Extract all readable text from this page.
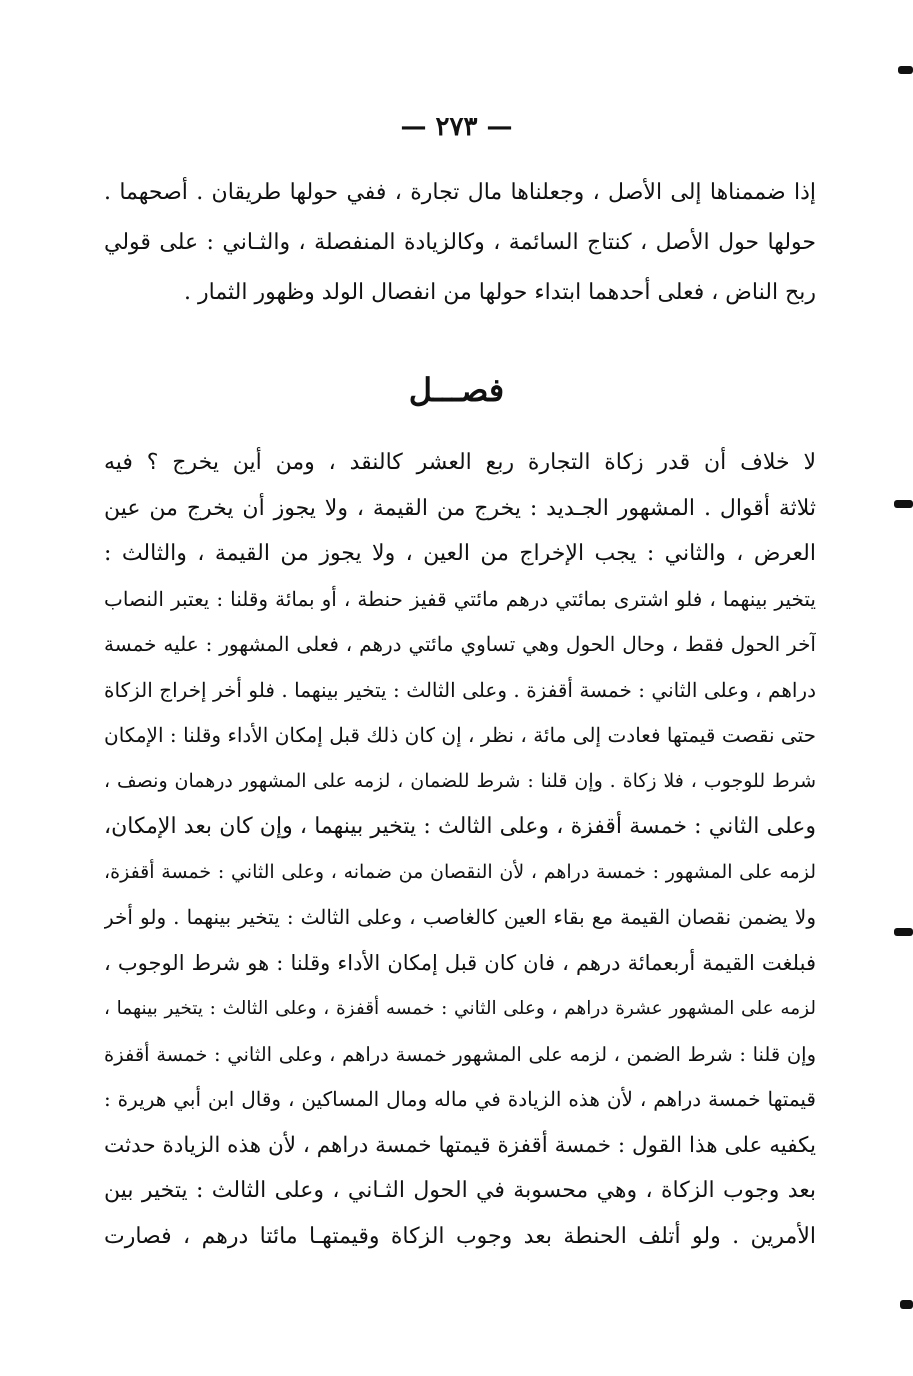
— ٢٧٣ —
إذا ضممناها إلى الأصل ، وجعلناها مال تجارة ، ففي حولها طريقان . أصحهما .
حولها حول الأصل ، كنتاج السائمة ، وكالزيادة المنفصلة ، والثـاني : على قولي
ربح الناض ، فعلى أحدهما ابتداء حولها من انفصال الولد وظهور الثمار .
فصـــل
لا خلاف أن قدر زكاة التجارة ربع العشر كالنقد ، ومن أين يخرج ؟ فيه
ثلاثة أقوال . المشهور الجـديد : يخرج من القيمة ، ولا يجوز أن يخرج من عين
العرض ، والثاني : يجب الإخراج من العين ، ولا يجوز من القيمة ، والثالث :
يتخير بينهما ، فلو اشترى بمائتي درهم مائتي قفيز حنطة ، أو بمائة وقلنا : يعتبر النصاب
آخر الحول فقط ، وحال الحول وهي تساوي مائتي درهم ، فعلى المشهور : عليه خمسة
دراهم ، وعلى الثاني : خمسة أقفزة . وعلى الثالث : يتخير بينهما . فلو أخر إخراج الزكاة
حتى نقصت قيمتها فعادت إلى مائة ، نظر ، إن كان ذلك قبل إمكان الأداء وقلنا : الإمكان
شرط للوجوب ، فلا زكاة . وإن قلنا : شرط للضمان ، لزمه على المشهور درهمان ونصف ،
وعلى الثاني : خمسة أقفزة ، وعلى الثالث : يتخير بينهما ، وإن كان بعد الإمكان،
لزمه على المشهور : خمسة دراهم ، لأن النقصان من ضمانه ، وعلى الثاني : خمسة أقفزة،
ولا يضمن نقصان القيمة مع بقاء العين كالغاصب ، وعلى الثالث : يتخير بينهما . ولو أخر
فبلغت القيمة أربعمائة درهم ، فان كان قبل إمكان الأداء وقلنا : هو شرط الوجوب ،
لزمه على المشهور عشرة دراهم ، وعلى الثاني : خمسه أقفزة ، وعلى الثالث : يتخير بينهما ،
وإن قلنا : شرط الضمن ، لزمه على المشهور خمسة دراهم ، وعلى الثاني : خمسة أقفزة
قيمتها خمسة دراهم ، لأن هذه الزيادة في ماله ومال المساكين ، وقال ابن أبي هريرة :
يكفيه على هذا القول : خمسة أقفزة قيمتها خمسة دراهم ، لأن هذه الزيادة حدثت
بعد وجوب الزكاة ، وهي محسوبة في الحول الثـاني ، وعلى الثالث : يتخير بين
الأمرين . ولو أتلف الحنطة بعد وجوب الزكاة وقيمتهـا مائتا درهم ، فصارت
